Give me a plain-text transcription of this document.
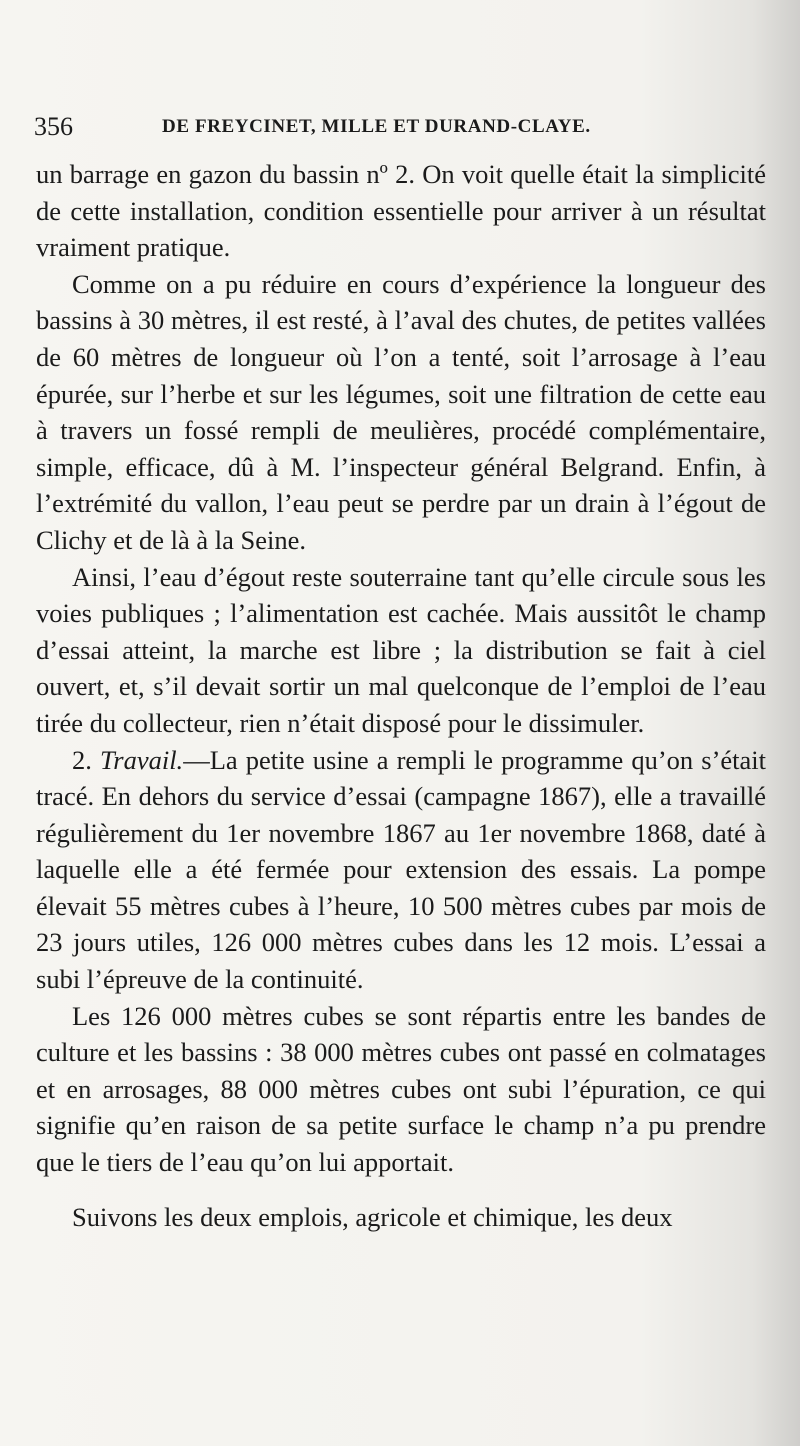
356	DE FREYCINET, MILLE ET DURAND-CLAYE.

un barrage en gazon du bassin nº 2. On voit quelle était la simplicité de cette installation, condition essentielle pour arriver à un résultat vraiment pratique.

Comme on a pu réduire en cours d’expérience la longueur des bassins à 30 mètres, il est resté, à l’aval des chutes, de petites vallées de 60 mètres de longueur où l’on a tenté, soit l’arrosage à l’eau épurée, sur l’herbe et sur les légumes, soit une filtration de cette eau à travers un fossé rempli de meulières, procédé complémentaire, simple, efficace, dû à M. l’inspecteur général Belgrand. Enfin, à l’extrémité du vallon, l’eau peut se perdre par un drain à l’égout de Clichy et de là à la Seine.

Ainsi, l’eau d’égout reste souterraine tant qu’elle circule sous les voies publiques ; l’alimentation est cachée. Mais aussitôt le champ d’essai atteint, la marche est libre ; la distribution se fait à ciel ouvert, et, s’il devait sortir un mal quelconque de l’emploi de l’eau tirée du collecteur, rien n’était disposé pour le dissimuler.

2. Travail.—La petite usine a rempli le programme qu’on s’était tracé. En dehors du service d’essai (campagne 1867), elle a travaillé régulièrement du 1er novembre 1867 au 1er novembre 1868, daté à laquelle elle a été fermée pour extension des essais. La pompe élevait 55 mètres cubes à l’heure, 10 500 mètres cubes par mois de 23 jours utiles, 126 000 mètres cubes dans les 12 mois. L’essai a subi l’épreuve de la continuité.

Les 126 000 mètres cubes se sont répartis entre les bandes de culture et les bassins : 38 000 mètres cubes ont passé en colmatages et en arrosages, 88 000 mètres cubes ont subi l’épuration, ce qui signifie qu’en raison de sa petite surface le champ n’a pu prendre que le tiers de l’eau qu’on lui apportait.

Suivons les deux emplois, agricole et chimique, les deux
